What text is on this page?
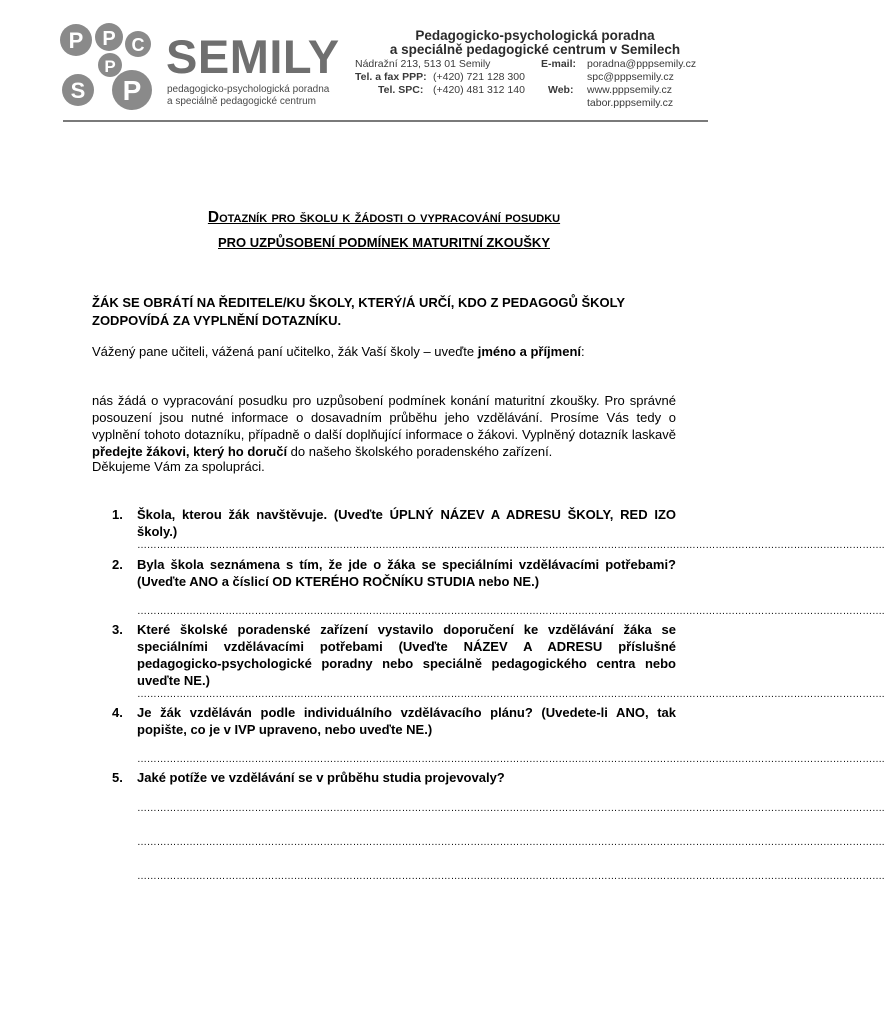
P P C
P
S P
SEMILY
pedagogicko-psychologická poradna
a speciálně pedagogické centrum
Pedagogicko-psychologická poradna
a speciálně pedagogické centrum v Semilech
Nádražní 213, 513 01 Semily
Tel. a fax PPP: (+420) 721 128 300
Tel. SPC: (+420) 481 312 140
E-mail: poradna@pppsemily.cz
spc@pppsemily.cz
Web: www.pppsemily.cz
tabor.pppsemily.cz
Dotazník pro školu k žádosti o vypracování posudku
PRO UZPŮSOBENÍ PODMÍNEK MATURITNÍ ZKOUŠKY
ŽÁK SE OBRÁTÍ NA ŘEDITELE/KU ŠKOLY, KTERÝ/Á URČÍ, KDO Z PEDAGOGŮ ŠKOLY ZODPOVÍDÁ ZA VYPLNĚNÍ DOTAZNÍKU.
Vážený pane učiteli, vážená paní učitelko, žák Vaší školy – uveďte jméno a příjmení:
nás žádá o vypracování posudku pro uzpůsobení podmínek konání maturitní zkoušky. Pro správné posouzení jsou nutné informace o dosavadním průběhu jeho vzdělávání. Prosíme Vás tedy o vyplnění tohoto dotazníku, případně o další doplňující informace o žákovi. Vyplněný dotazník laskavě předejte žákovi, který ho doručí do našeho školského poradenského zařízení.
Děkujeme Vám za spolupráci.
1. Škola, kterou žák navštěvuje. (Uveďte ÚPLNÝ NÁZEV A ADRESU ŠKOLY, RED IZO školy.)
………………………………………………………………………………………………………………………………………………………………………………………………………….
2. Byla škola seznámena s tím, že jde o žáka se speciálními vzdělávacími potřebami? (Uveďte ANO a číslicí OD KTERÉHO ROČNÍKU STUDIA nebo NE.)
………………………………………………………………………………………………………………………………………………………………………………………………………….
3. Které školské poradenské zařízení vystavilo doporučení ke vzdělávání žáka se speciálními vzdělávacími potřebami (Uveďte NÁZEV A ADRESU příslušné pedagogicko-psychologické poradny nebo speciálně pedagogického centra nebo uveďte NE.)
………………………………………………………………………………………………………………………………………………………………………………………………………….
4. Je žák vzděláván podle individuálního vzdělávacího plánu? (Uvedete-li ANO, tak popište, co je v IVP upraveno, nebo uveďte NE.)
………………………………………………………………………………………………………………………………………………………………………………………………………….
5. Jaké potíže ve vzdělávání se v průběhu studia projevovaly?
………………………………………………………………………………………………………………………………………………………………………………………………………….
………………………………………………………………………………………………………………………………………………………………………………………………………….
………………………………………………………………………………………………………………………………………………………………………………………………………….
